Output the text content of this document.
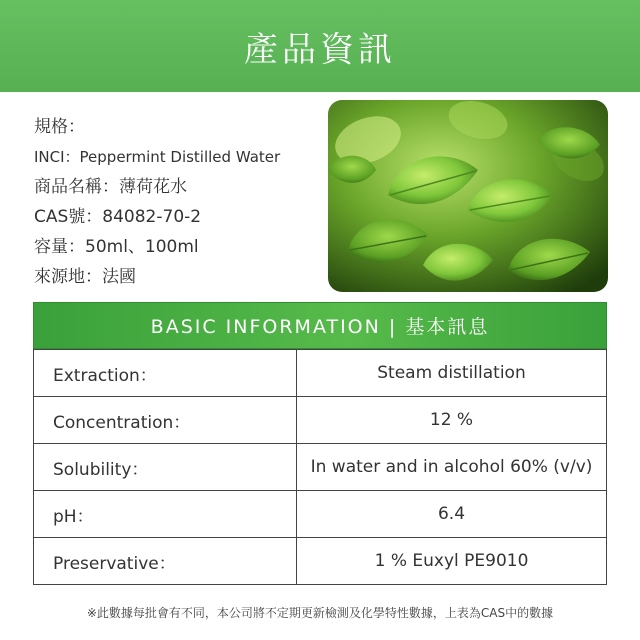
產品資訊
規格：
INCI：Peppermint Distilled Water
商品名稱：薄荷花水
CAS號：84082-70-2
容量：50ml、100ml
來源地：法國
BASIC INFORMATION | 基本訊息
Extraction：	Steam distillation
Concentration：	12 %
Solubility：	In water and in alcohol 60% (v/v)
pH：	6.4
Preservative：	1 % Euxyl PE9010
※此數據每批會有不同，本公司將不定期更新檢測及化學特性數據，上表為CAS中的數據
